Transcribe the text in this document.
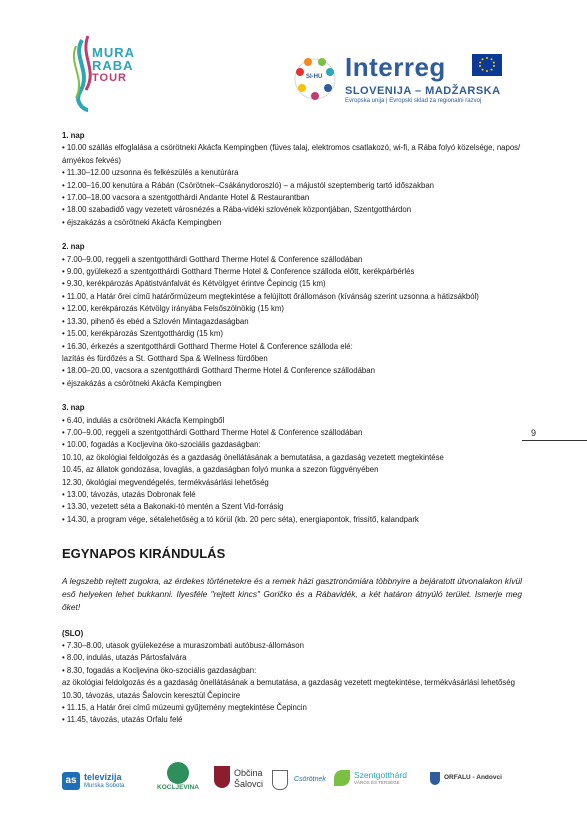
MURA
RABA
TOUR	SI-HU Interreg
SLOVENIJA – MADŽARSKA
Evropska unija | Evropski sklad za regionalni razvoj

1. nap

• 10.00 szállás elfoglalása a csörötneki Akácfa Kempingben (füves talaj, elektromos csatlakozó, wi-fi, a Rába folyó közelsége, napos/árnyékos fekvés)

• 11.30–12.00 uzsonna és felkészülés a kenutúrára

• 12.00–16.00 kenutúra a Rábán (Csörötnek–Csákánydoroszló) – a májustól szeptemberig tartó időszakban

• 17.00–18.00 vacsora a szentgotthárdi Andante Hotel & Restaurantban

• 18.00 szabadidő vagy vezetett városnézés a Rába-vidéki szlovének központjában, Szentgotthárdon

• éjszakázás a csörötneki Akácfa Kempingben

2. nap

• 7.00–9.00, reggeli a szentgotthárdi Gotthard Therme Hotel & Conference szállodában

• 9.00, gyülekező a szentgotthárdi Gotthard Therme Hotel & Conference szálloda előtt, kerékpárbérlés

• 9.30, kerékpározás Apátistvánfalvát és Kétvölgyet érintve Čepincig (15 km)

• 11.00, a Határ őrei című határőrmúzeum megtekintése a felújított őrállomáson (kívánság szerint uzsonna a hátizsákból)

• 12.00, kerékpározás Kétvölgy irányába Felsőszölnökig (15 km)

• 13.30, pihenő és ebéd a Szlovén Mintagazdaságban

• 15.00, kerékpározás Szentgotthárdig (15 km)

• 16.30, érkezés a szentgotthárdi Gotthard Therme Hotel & Conference szálloda elé:

lazítás és fürdőzés a St. Gotthard Spa & Wellness fürdőben

• 18.00–20.00, vacsora a szentgotthárdi Gotthard Therme Hotel & Conference szállodában

• éjszakázás a csörötneki Akácfa Kempingben

3. nap

• 6.40, indulás a csörötneki Akácfa Kempingből

• 7.00–9.00, reggeli a szentgotthárdi Gotthard Therme Hotel & Conference szállodában

• 10.00, fogadás a Kocljevina öko-szociális gazdaságban:

10.10, az ökológiai feldolgozás és a gazdaság önellátásának a bemutatása, a gazdaság vezetett megtekintése

10.45, az állatok gondozása, lovaglás, a gazdaságban folyó munka a szezon függvényében

12.30, ökológiai megvendégelés, termékvásárlási lehetőség

• 13.00, távozás, utazás Dobronak felé

• 13.30, vezetett séta a Bakonaki-tó mentén a Szent Vid-forrásig

• 14.30, a program vége, sétalehetőség a tó körül (kb. 20 perc séta), energiapontok, frissítő, kalandpark

EGYNAPOS KIRÁNDULÁS

A legszebb rejtett zugokra, az érdekes történetekre és a remek házi gasztronómiára többnyire a bejáratott útvonalakon kívül eső helyeken lehet bukkanni. Ilyesféle "rejtett kincs" Goričko és a Rábavidék, a két határon átnyúló terület. Ismerje meg őket!

(SLO)

• 7.30–8.00, utasok gyülekezése a muraszombati autóbusz-állomáson

• 8.00, indulás, utazás Pártosfalvára

• 8.30, fogadás a Kocljevina öko-szociális gazdaságban:

az ökológiai feldolgozás és a gazdaság önellátásának a bemutatása, a gazdaság vezetett megtekintése, termékvásárlási lehetőség

10.30, távozás, utazás Šalovcin keresztül Čepincire

• 11.15, a Határ őrei című múzeumi gyűjtemény megtekintése Čepincin

• 11.45, távozás, utazás Orfalu felé

9
as televizija
Murska Sobota	KOCLJEVINA
Občina
Šalovci	Csörötnek	Szentgotthárd
VÁROS ÉS TÉRSÉGE
ORFALU - Andovci
